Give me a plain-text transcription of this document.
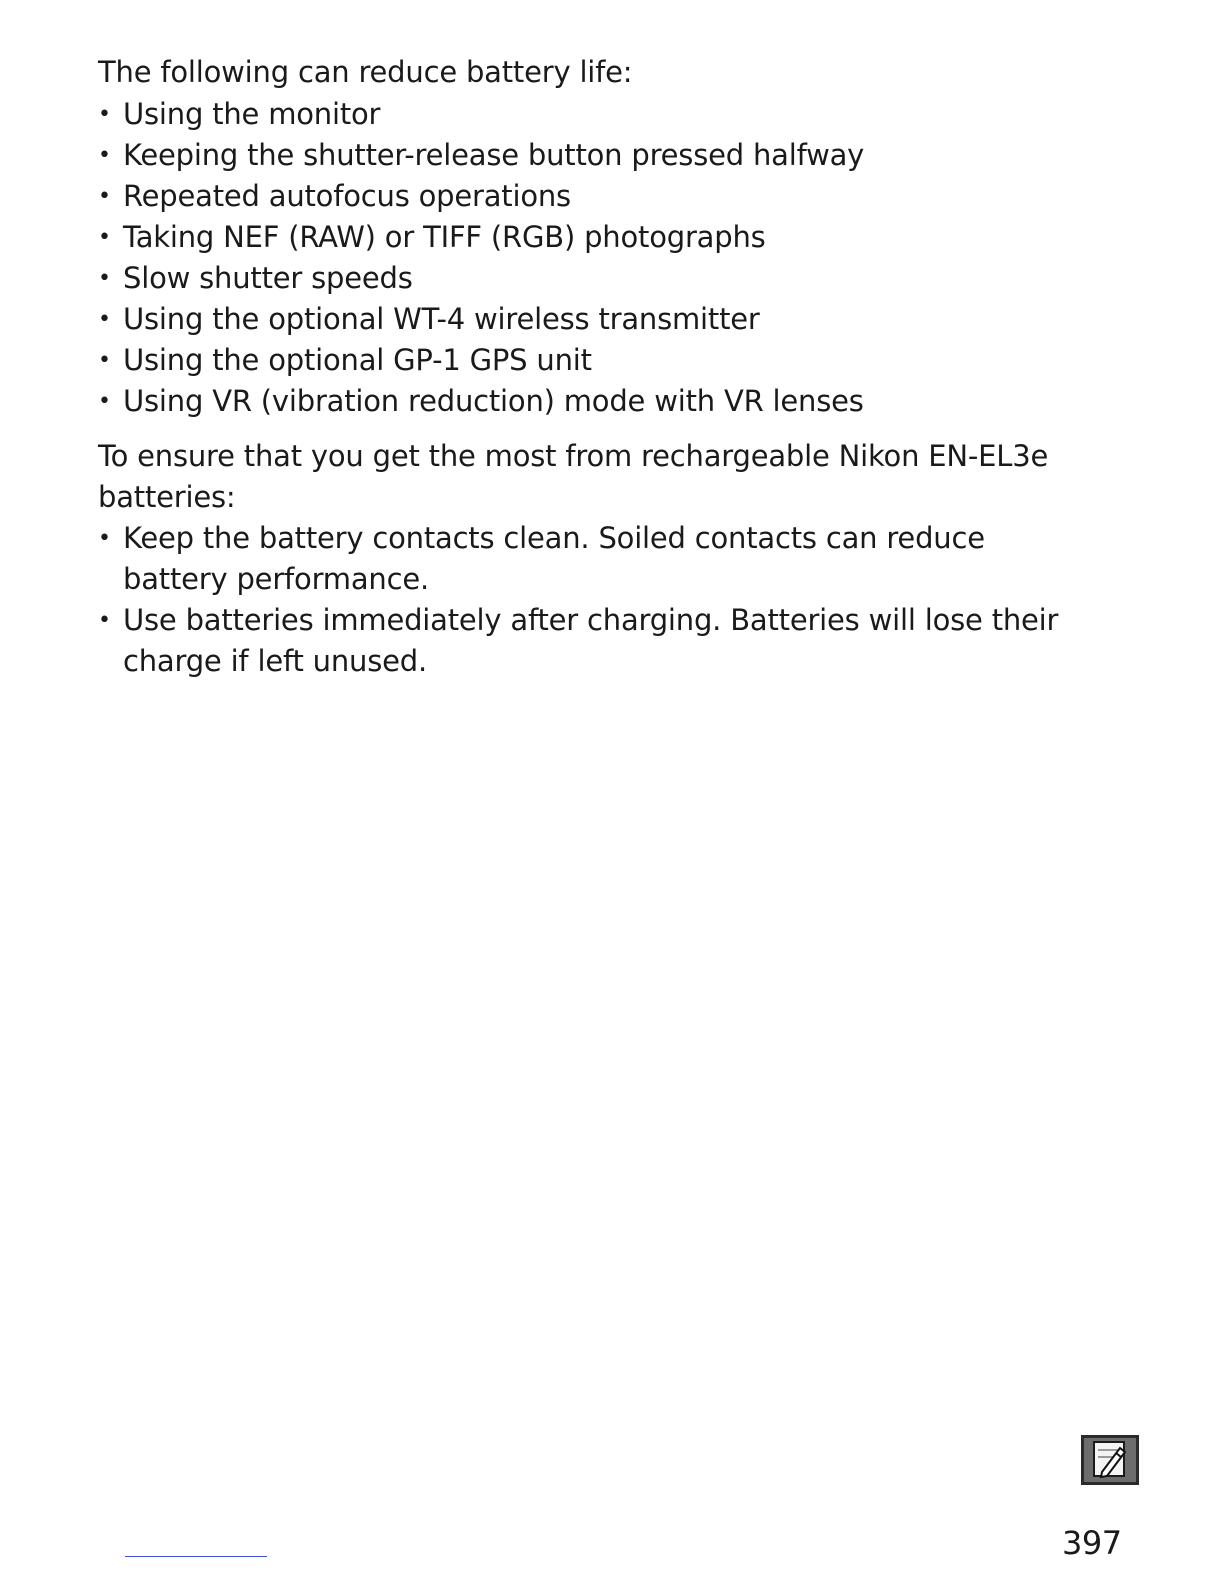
The following can reduce battery life:

• Using the monitor
• Keeping the shutter-release button pressed halfway
• Repeated autofocus operations
• Taking NEF (RAW) or TIFF (RGB) photographs
• Slow shutter speeds
• Using the optional WT-4 wireless transmitter
• Using the optional GP-1 GPS unit
• Using VR (vibration reduction) mode with VR lenses

To ensure that you get the most from rechargeable Nikon EN-EL3e batteries:

• Keep the battery contacts clean. Soiled contacts can reduce battery performance.
• Use batteries immediately after charging. Batteries will lose their charge if left unused.
397
